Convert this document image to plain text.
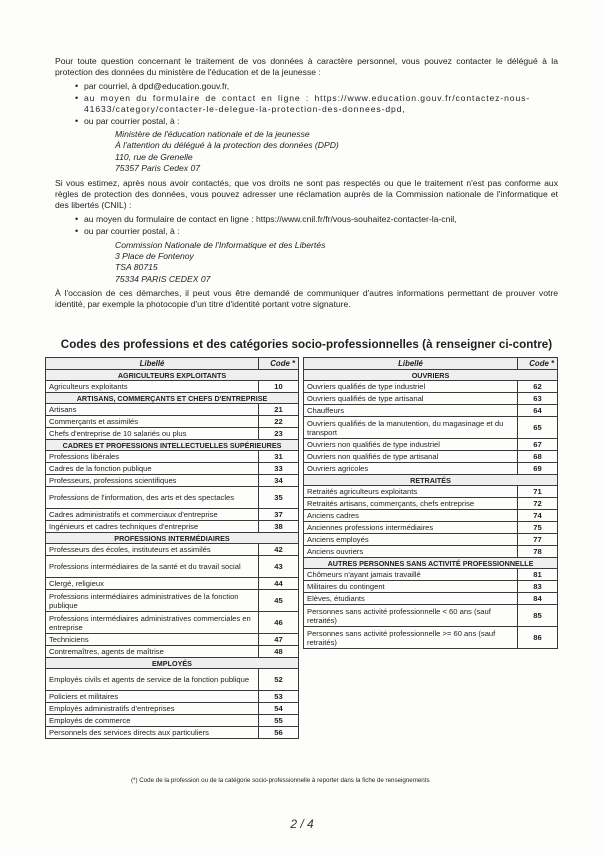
Pour toute question concernant le traitement de vos données à caractère personnel, vous pouvez contacter le délégué à la protection des données du ministère de l'éducation et de la jeunesse :

• par courriel, à dpd@education.gouv.fr,
• au moyen du formulaire de contact en ligne : https://www.education.gouv.fr/contactez-nous-41633/category/contacter-le-delegue-la-protection-des-donnees-dpd,
• ou par courrier postal, à :
Ministère de l'éducation nationale et de la jeunesse
À l'attention du délégué à la protection des données (DPD)
110, rue de Grenelle
75357 Paris Cedex 07

Si vous estimez, après nous avoir contactés, que vos droits ne sont pas respectés ou que le traitement n'est pas conforme aux règles de protection des données, vous pouvez adresser une réclamation auprès de la Commission nationale de l'informatique et des libertés (CNIL) :

• au moyen du formulaire de contact en ligne : https://www.cnil.fr/fr/vous-souhaitez-contacter-la-cnil,
• ou par courrier postal, à :
Commission Nationale de l'Informatique et des Libertés
3 Place de Fontenoy
TSA 80715
75334 PARIS CEDEX 07

À l'occasion de ces démarches, il peut vous être demandé de communiquer d'autres informations permettant de prouver votre identité, par exemple la photocopie d'un titre d'identité portant votre signature.

Codes des professions et des catégories socio-professionnelles (à renseigner ci-contre)
Libellé	Code *
AGRICULTEURS EXPLOITANTS	
Agriculteurs exploitants	10
ARTISANS, COMMERÇANTS ET CHEFS D'ENTREPRISE	
Artisans	21
Commerçants et assimilés	22
Chefs d'entreprise de 10 salariés ou plus	23
CADRES ET PROFESSIONS INTELLECTUELLES SUPÉRIEURES	
Professions libérales	31
Cadres de la fonction publique	33
Professeurs, professions scientifiques	34
Professions de l'information, des arts et des spectacles	35
Cadres administratifs et commerciaux d'entreprise	37
Ingénieurs et cadres techniques d'entreprise	38
PROFESSIONS INTERMÉDIAIRES	
Professeurs des écoles, instituteurs et assimilés	42
Professions intermédiaires de la santé et du travail social	43
Clergé, religieux	44
Professions intermédiaires administratives de la fonction publique	45
Professions intermédiaires administratives commerciales en entreprise	46
Techniciens	47
Contremaîtres, agents de maîtrise	48
EMPLOYÉS	
Employés civils et agents de service de la fonction publique	52
Policiers et militaires	53
Employés administratifs d'entreprises	54
Employés de commerce	55
Personnels des services directs aux particuliers	56
Libellé	Code *
OUVRIERS	
Ouvriers qualifiés de type industriel	62
Ouvriers qualifiés de type artisanal	63
Chauffeurs	64
Ouvriers qualifiés de la manutention, du magasinage et du transport	65
Ouvriers non qualifiés de type industriel	67
Ouvriers non qualifiés de type artisanal	68
Ouvriers agricoles	69
RETRAITÉS	
Retraités agriculteurs exploitants	71
Retraités artisans, commerçants, chefs entreprise	72
Anciens cadres	74
Anciennes professions intermédiaires	75
Anciens employés	77
Anciens ouvriers	78
AUTRES PERSONNES SANS ACTIVITÉ PROFESSIONNELLE	
Chômeurs n'ayant jamais travaillé	81
Militaires du contingent	83
Elèves, étudiants	84
Personnes sans activité professionnelle < 60 ans (sauf retraités)	85
Personnes sans activité professionnelle >= 60 ans (sauf retraités)	86
(*) Code de la profession ou de la catégorie socio-professionnelle à reporter dans la fiche de renseignements
2 / 4
